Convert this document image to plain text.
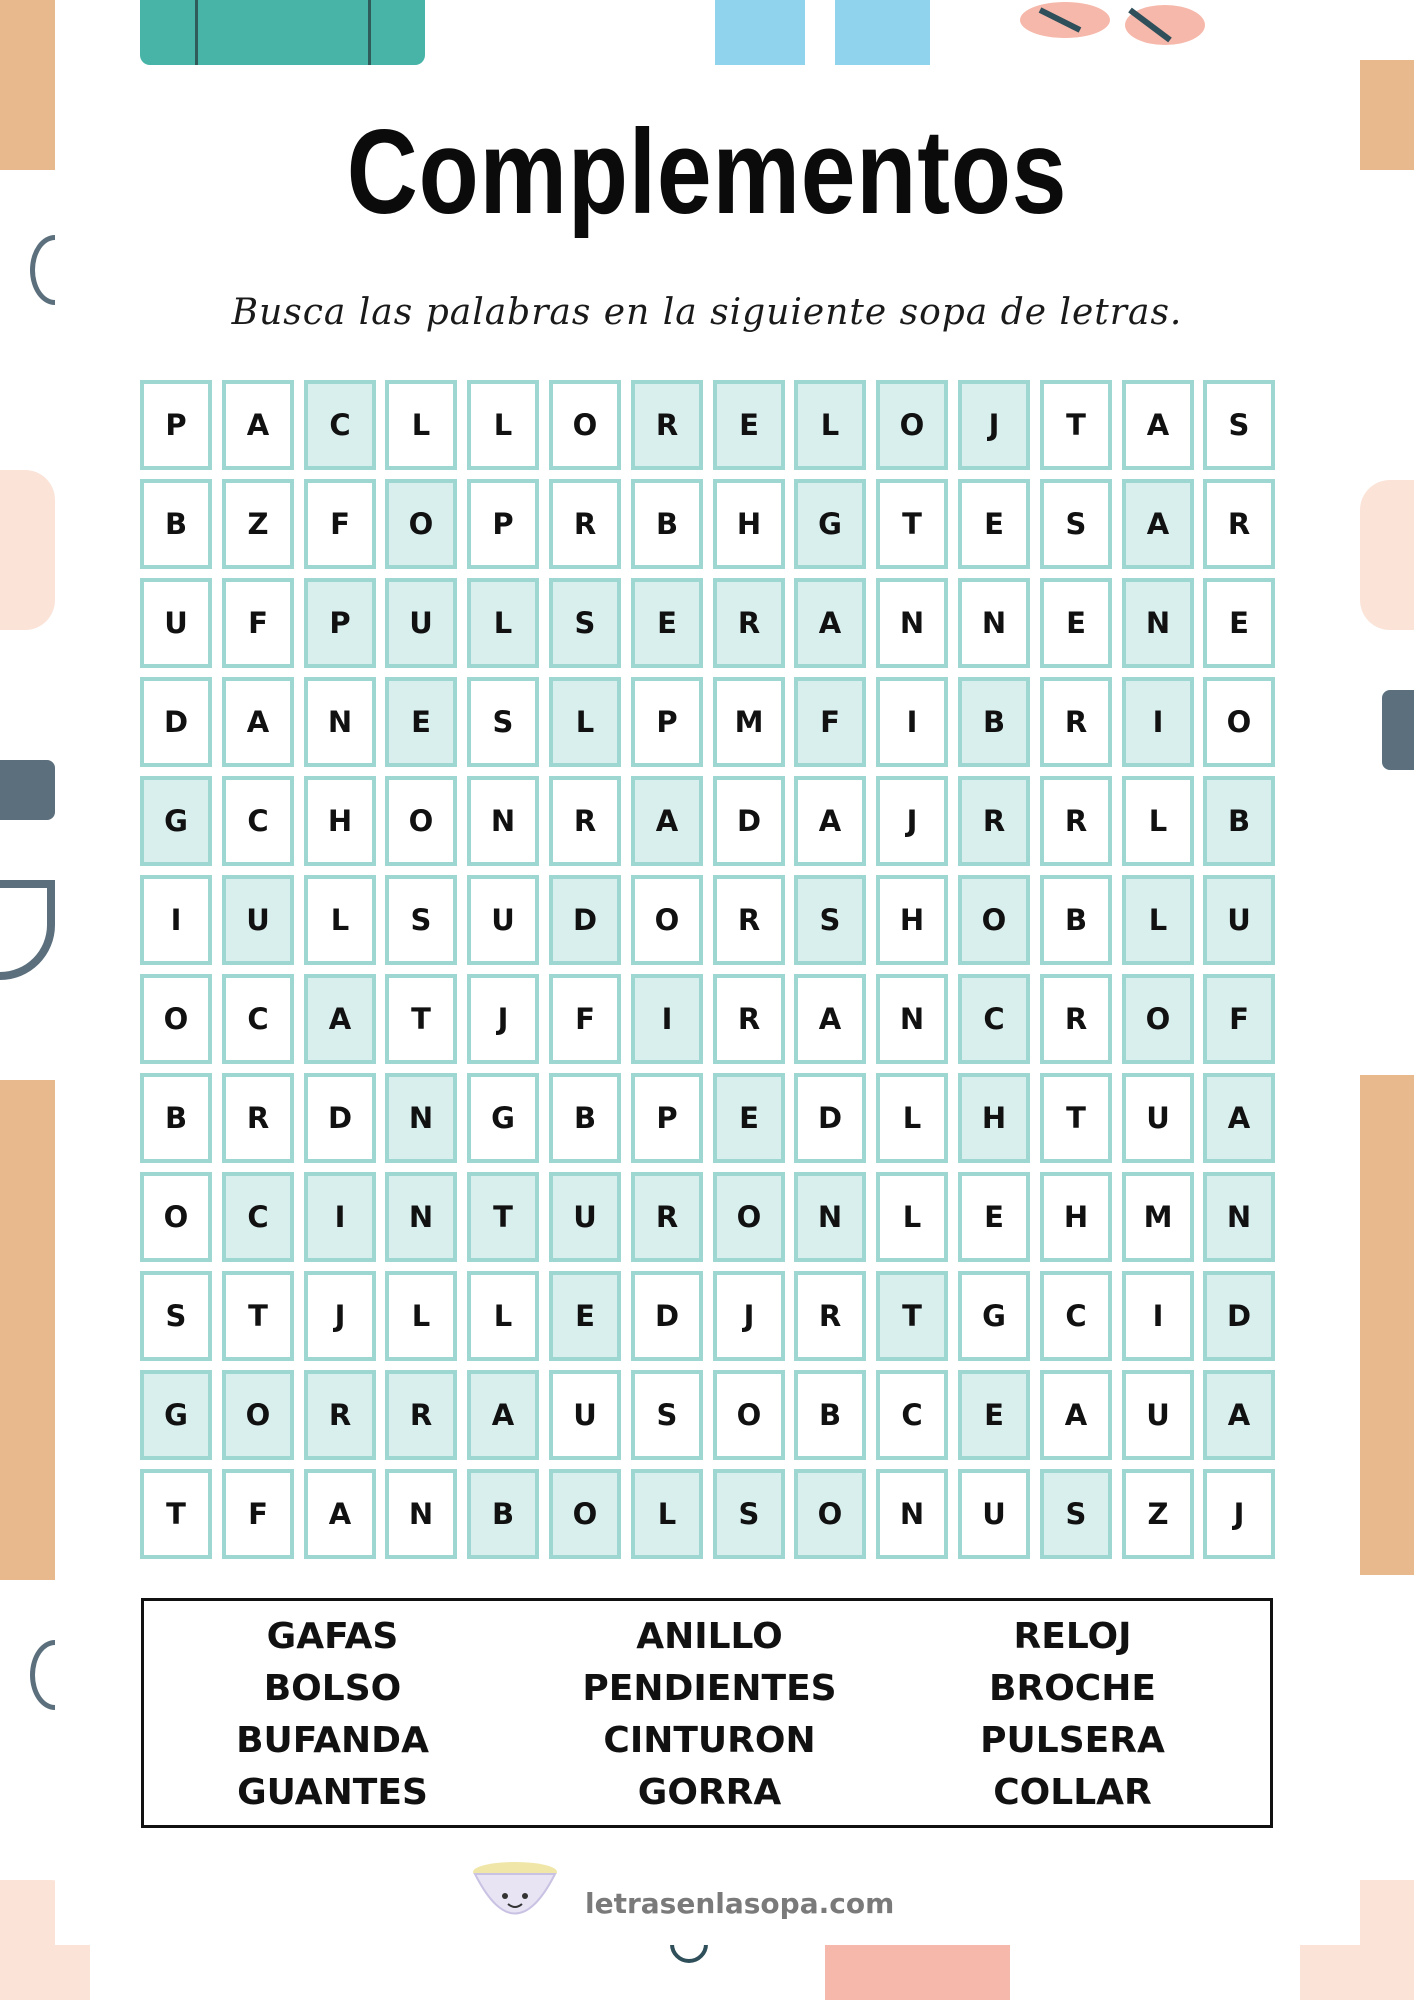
Complementos
Busca las palabras en la siguiente sopa de letras.
P	A	C	L	L	O	R	E	L	O	J	T	A	S
B	Z	F	O	P	R	B	H	G	T	E	S	A	R
U	F	P	U	L	S	E	R	A	N	N	E	N	E
D	A	N	E	S	L	P	M	F	I	B	R	I	O
G	C	H	O	N	R	A	D	A	J	R	R	L	B
I	U	L	S	U	D	O	R	S	H	O	B	L	U
O	C	A	T	J	F	I	R	A	N	C	R	O	F
B	R	D	N	G	B	P	E	D	L	H	T	U	A
O	C	I	N	T	U	R	O	N	L	E	H	M	N
S	T	J	L	L	E	D	J	R	T	G	C	I	D
G	O	R	R	A	U	S	O	B	C	E	A	U	A
T	F	A	N	B	O	L	S	O	N	U	S	Z	J
GAFAS
BOLSO
BUFANDA
GUANTES
ANILLO
PENDIENTES
CINTURON
GORRA
RELOJ
BROCHE
PULSERA
COLLAR
letrasenlasopa.com
